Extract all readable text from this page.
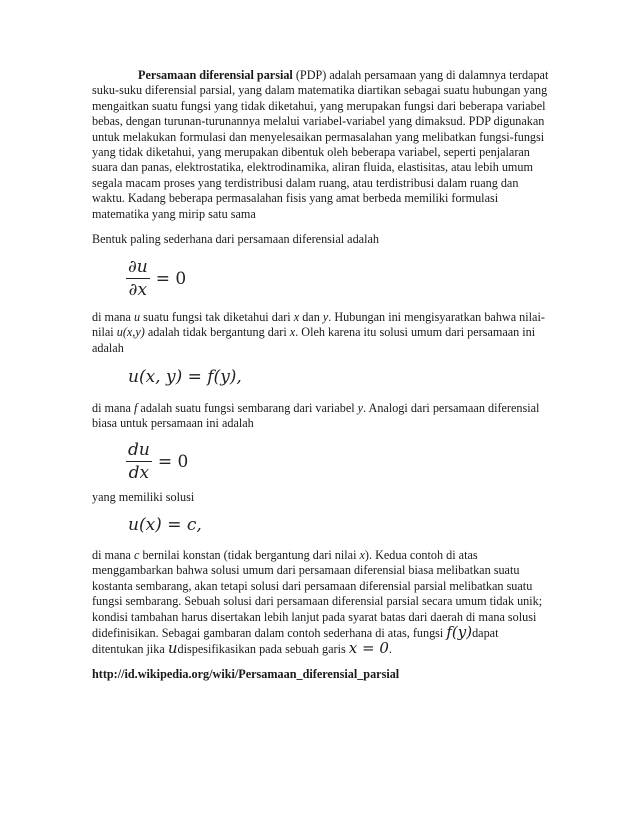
Persamaan diferensial parsial (PDP) adalah persamaan yang di dalamnya terdapat suku-suku diferensial parsial, yang dalam matematika diartikan sebagai suatu hubungan yang mengaitkan suatu fungsi yang tidak diketahui, yang merupakan fungsi dari beberapa variabel bebas, dengan turunan-turunannya melalui variabel-variabel yang dimaksud. PDP digunakan untuk melakukan formulasi dan menyelesaikan permasalahan yang melibatkan fungsi-fungsi yang tidak diketahui, yang merupakan dibentuk oleh beberapa variabel, seperti penjalaran suara dan panas, elektrostatika, elektrodinamika, aliran fluida, elastisitas, atau lebih umum segala macam proses yang terdistribusi dalam ruang, atau terdistribusi dalam ruang dan waktu. Kadang beberapa permasalahan fisis yang amat berbeda memiliki formulasi matematika yang mirip satu sama
Bentuk paling sederhana dari persamaan diferensial adalah
$\frac{\partial u}{\partial x} = 0$
di mana u suatu fungsi tak diketahui dari x dan y. Hubungan ini mengisyaratkan bahwa nilai-nilai u(x,y) adalah tidak bergantung dari x. Oleh karena itu solusi umum dari persamaan ini adalah
u(x, y) = f(y),
di mana f adalah suatu fungsi sembarang dari variabel y. Analogi dari persamaan diferensial biasa untuk persamaan ini adalah
$\frac{du}{dx} = 0$
yang memiliki solusi
u(x) = c,
di mana c bernilai konstan (tidak bergantung dari nilai x). Kedua contoh di atas menggambarkan bahwa solusi umum dari persamaan diferensial biasa melibatkan suatu kostanta sembarang, akan tetapi solusi dari persamaan diferensial parsial melibatkan suatu fungsi sembarang. Sebuah solusi dari persamaan diferensial parsial secara umum tidak unik; kondisi tambahan harus disertakan lebih lanjut pada syarat batas dari daerah di mana solusi didefinisikan. Sebagai gambaran dalam contoh sederhana di atas, fungsi f(y)dapat ditentukan jika udispesifikasikan pada sebuah garis x = 0.
http://id.wikipedia.org/wiki/Persamaan_diferensial_parsial
